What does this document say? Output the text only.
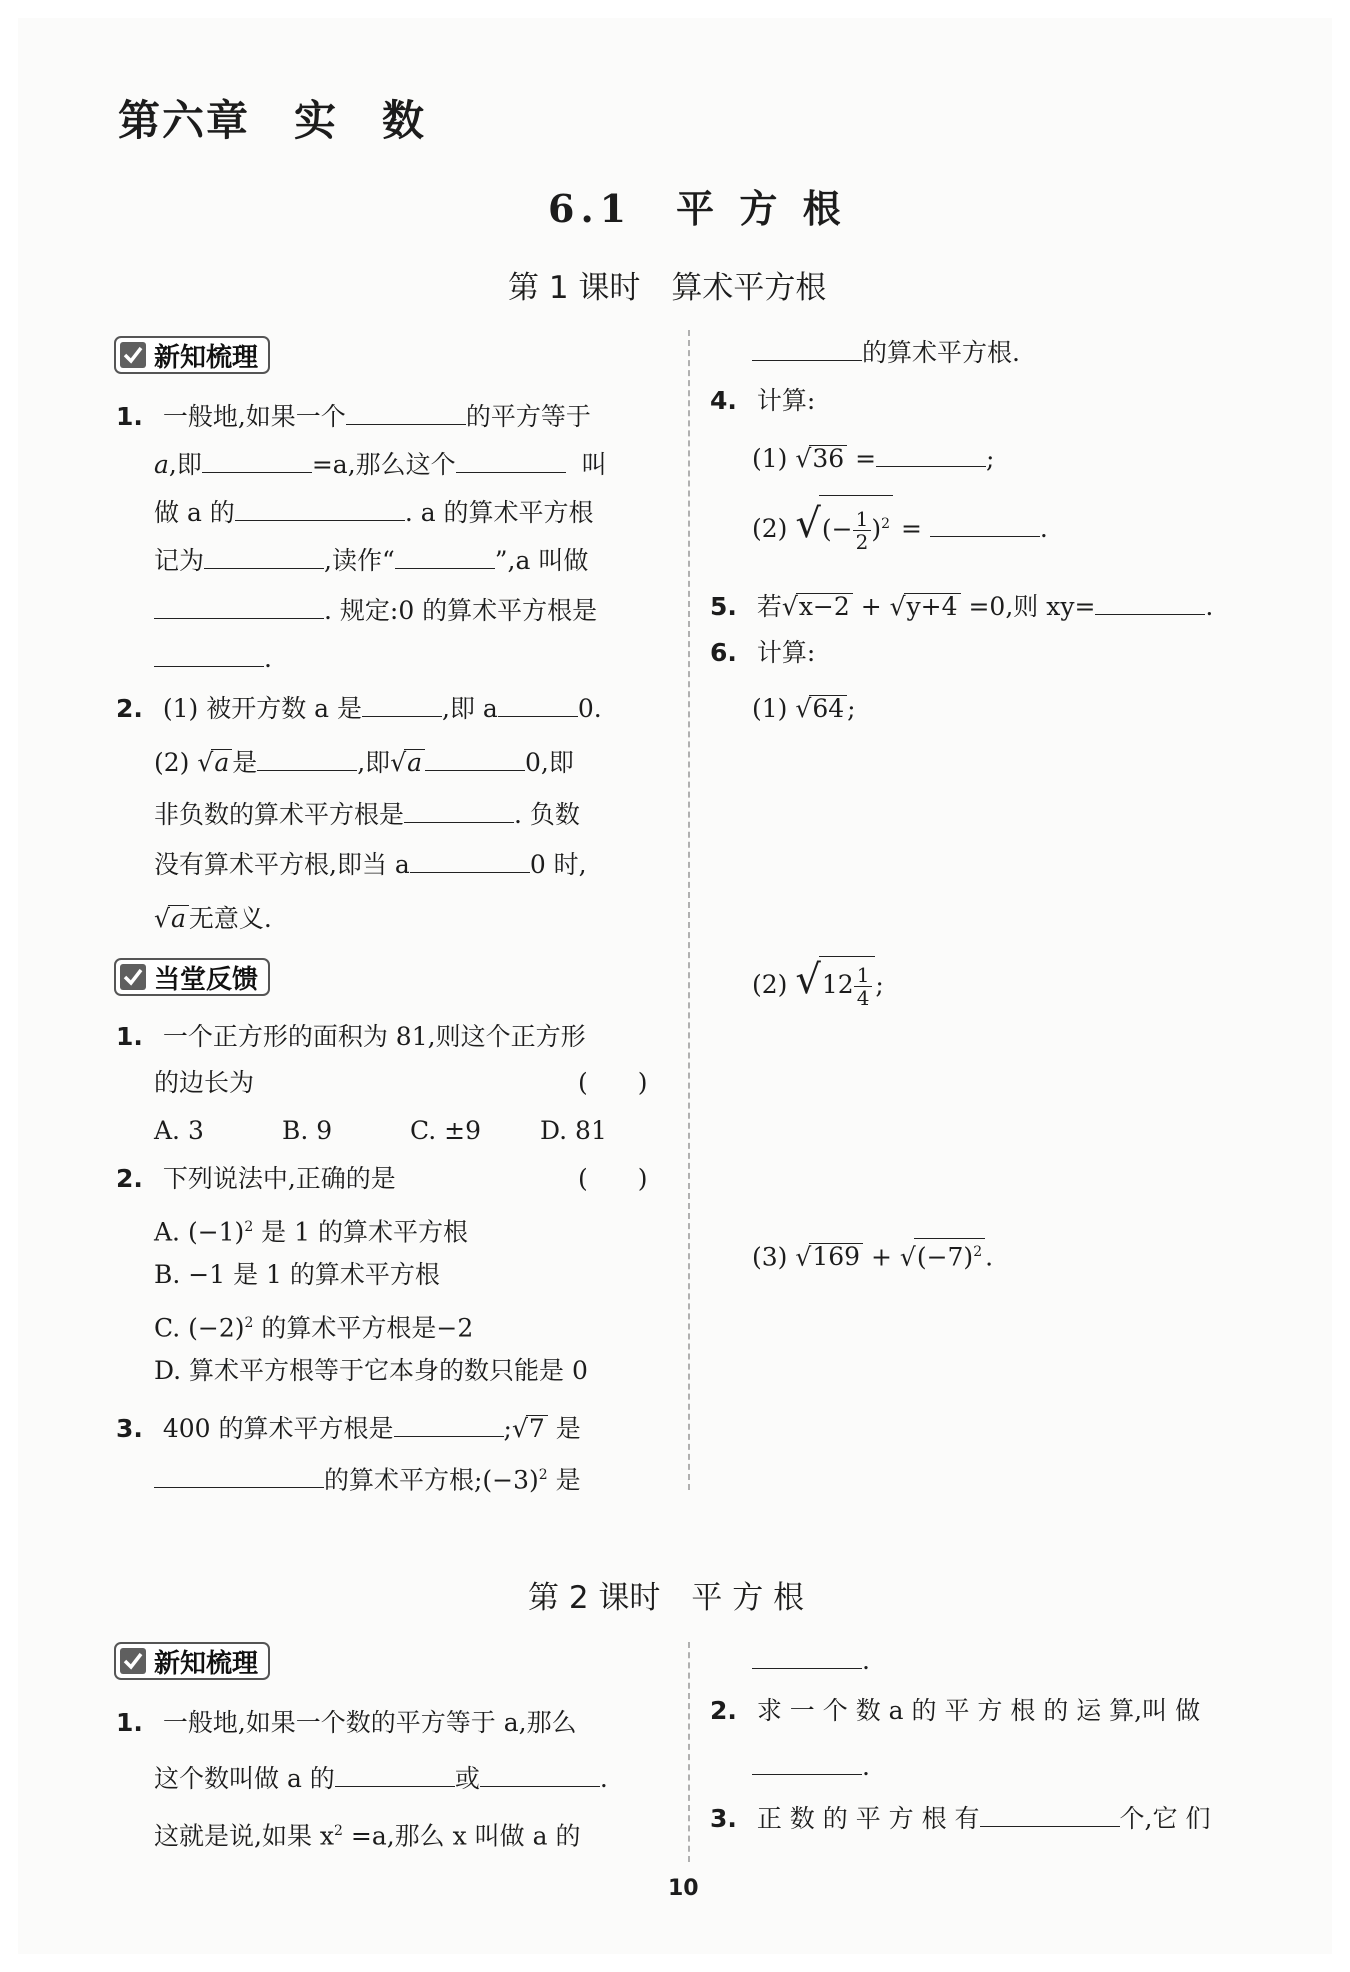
第六章　实　数
6.1　平 方 根
第 1 课时　算术平方根
新知梳理
1. 一般地,如果一个	的平方等于
a,即	=a,那么这个	叫
做 a 的	. a 的算术平方根
记为	,读作“	”,a 叫做
. 规定:0 的算术平方根是
.
2. (1) 被开方数 a 是	,即 a	0.
(2) √a 是	,即√a	0,即
非负数的算术平方根是	. 负数
没有算术平方根,即当 a	0 时,
√a 无意义.
当堂反馈
1. 一个正方形的面积为 81,则这个正方形
的边长为	(　　)
A. 3	B. 9	C. ±9 D. 81
2. 下列说法中,正确的是	(　　)
A. $(-1)^2$ 是 1 的算术平方根
B. −1 是 1 的算术平方根
C. $(-2)^2$ 的算术平方根是−2
D. 算术平方根等于它本身的数只能是 0
3. 400 的算术平方根是	;√7 是
的算术平方根$;(-3)^2$ 是
的算术平方根.
4. 计算:
(1) √36 =	;
(2) √(− $\frac{1}{2} )^2$ =	.
5. 若√x−2 + √y+4 =0,则 xy=	.
6. 计算:
(1) √64 ;
(2) $√12 \frac{1}{4}$ ;
(3) $√169 + √(-7)^2$ .
第 2 课时　平 方 根
新知梳理
1. 一般地,如果一个数的平方等于 a,那么
这个数叫做 a 的	或	.
这就是说,如果 $x^2 =a$,那么 x 叫做 a 的
.
2. 求 一 个 数 a 的 平 方 根 的 运 算,叫 做
.
3. 正 数 的 平 方 根 有	个,它 们
10
